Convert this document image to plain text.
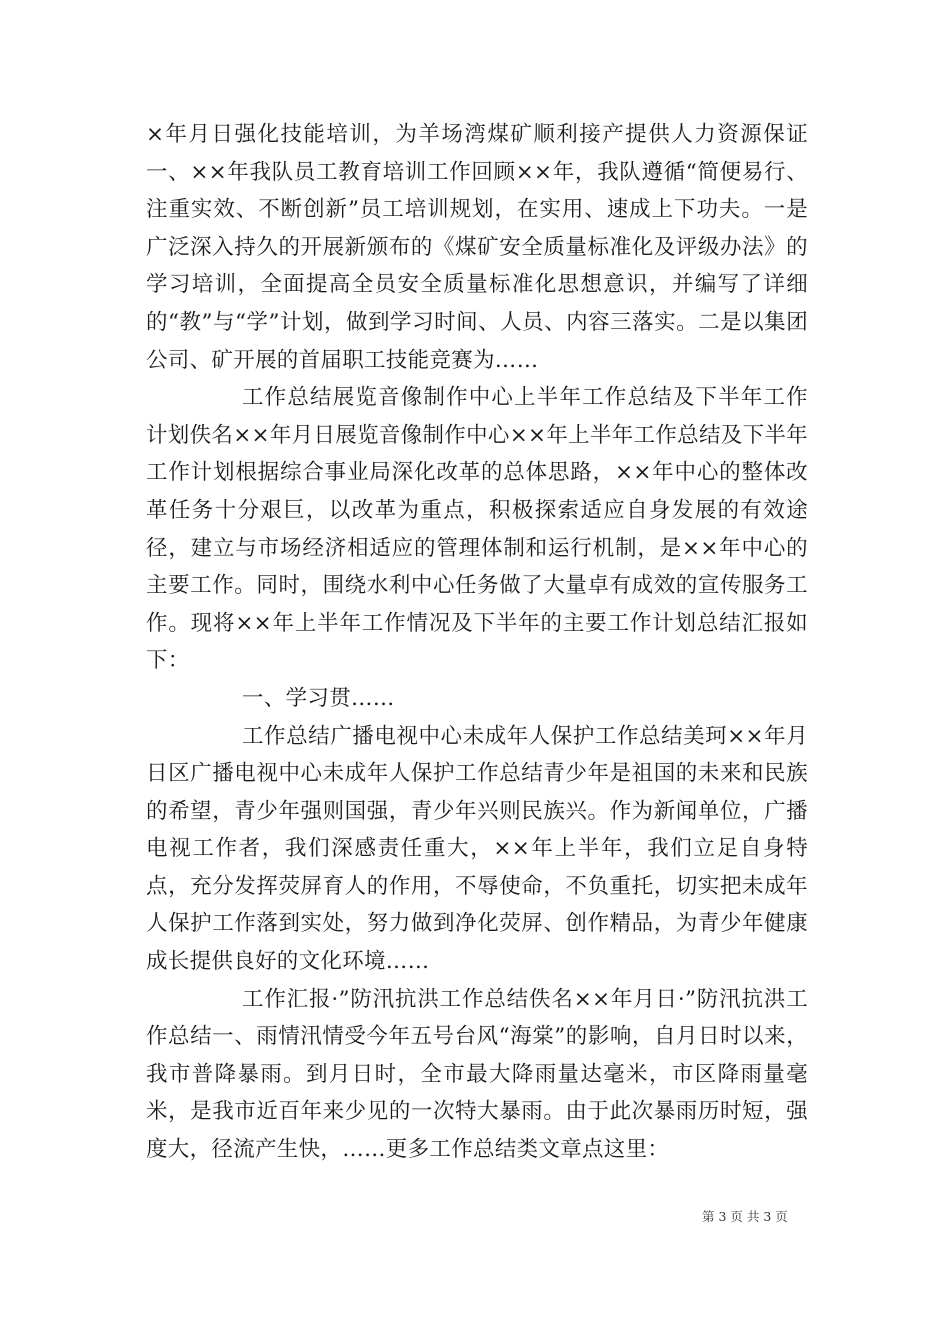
×年月日强化技能培训，为羊场湾煤矿顺利接产提供人力资源保证一、××年我队员工教育培训工作回顾××年，我队遵循“简便易行、注重实效、不断创新”员工培训规划，在实用、速成上下功夫。一是广泛深入持久的开展新颁布的《煤矿安全质量标准化及评级办法》的学习培训，全面提高全员安全质量标准化思想意识，并编写了详细的“教”与“学”计划，做到学习时间、人员、内容三落实。二是以集团公司、矿开展的首届职工技能竞赛为……

工作总结展览音像制作中心上半年工作总结及下半年工作计划佚名××年月日展览音像制作中心××年上半年工作总结及下半年工作计划根据综合事业局深化改革的总体思路，××年中心的整体改革任务十分艰巨，以改革为重点，积极探索适应自身发展的有效途径，建立与市场经济相适应的管理体制和运行机制，是××年中心的主要工作。同时，围绕水利中心任务做了大量卓有成效的宣传服务工作。现将××年上半年工作情况及下半年的主要工作计划总结汇报如下：

一、学习贯……

工作总结广播电视中心未成年人保护工作总结美珂××年月日区广播电视中心未成年人保护工作总结青少年是祖国的未来和民族的希望，青少年强则国强，青少年兴则民族兴。作为新闻单位，广播电视工作者，我们深感责任重大，××年上半年，我们立足自身特点，充分发挥荧屏育人的作用，不辱使命，不负重托，切实把未成年人保护工作落到实处，努力做到净化荧屏、创作精品，为青少年健康成长提供良好的文化环境……

工作汇报·”防汛抗洪工作总结佚名××年月日·”防汛抗洪工作总结一、雨情汛情受今年五号台风“海棠”的影响，自月日时以来，我市普降暴雨。到月日时，全市最大降雨量达毫米，市区降雨量毫米，是我市近百年来少见的一次特大暴雨。由于此次暴雨历时短，强度大，径流产生快，……更多工作总结类文章点这里：

第 3 页 共 3 页
